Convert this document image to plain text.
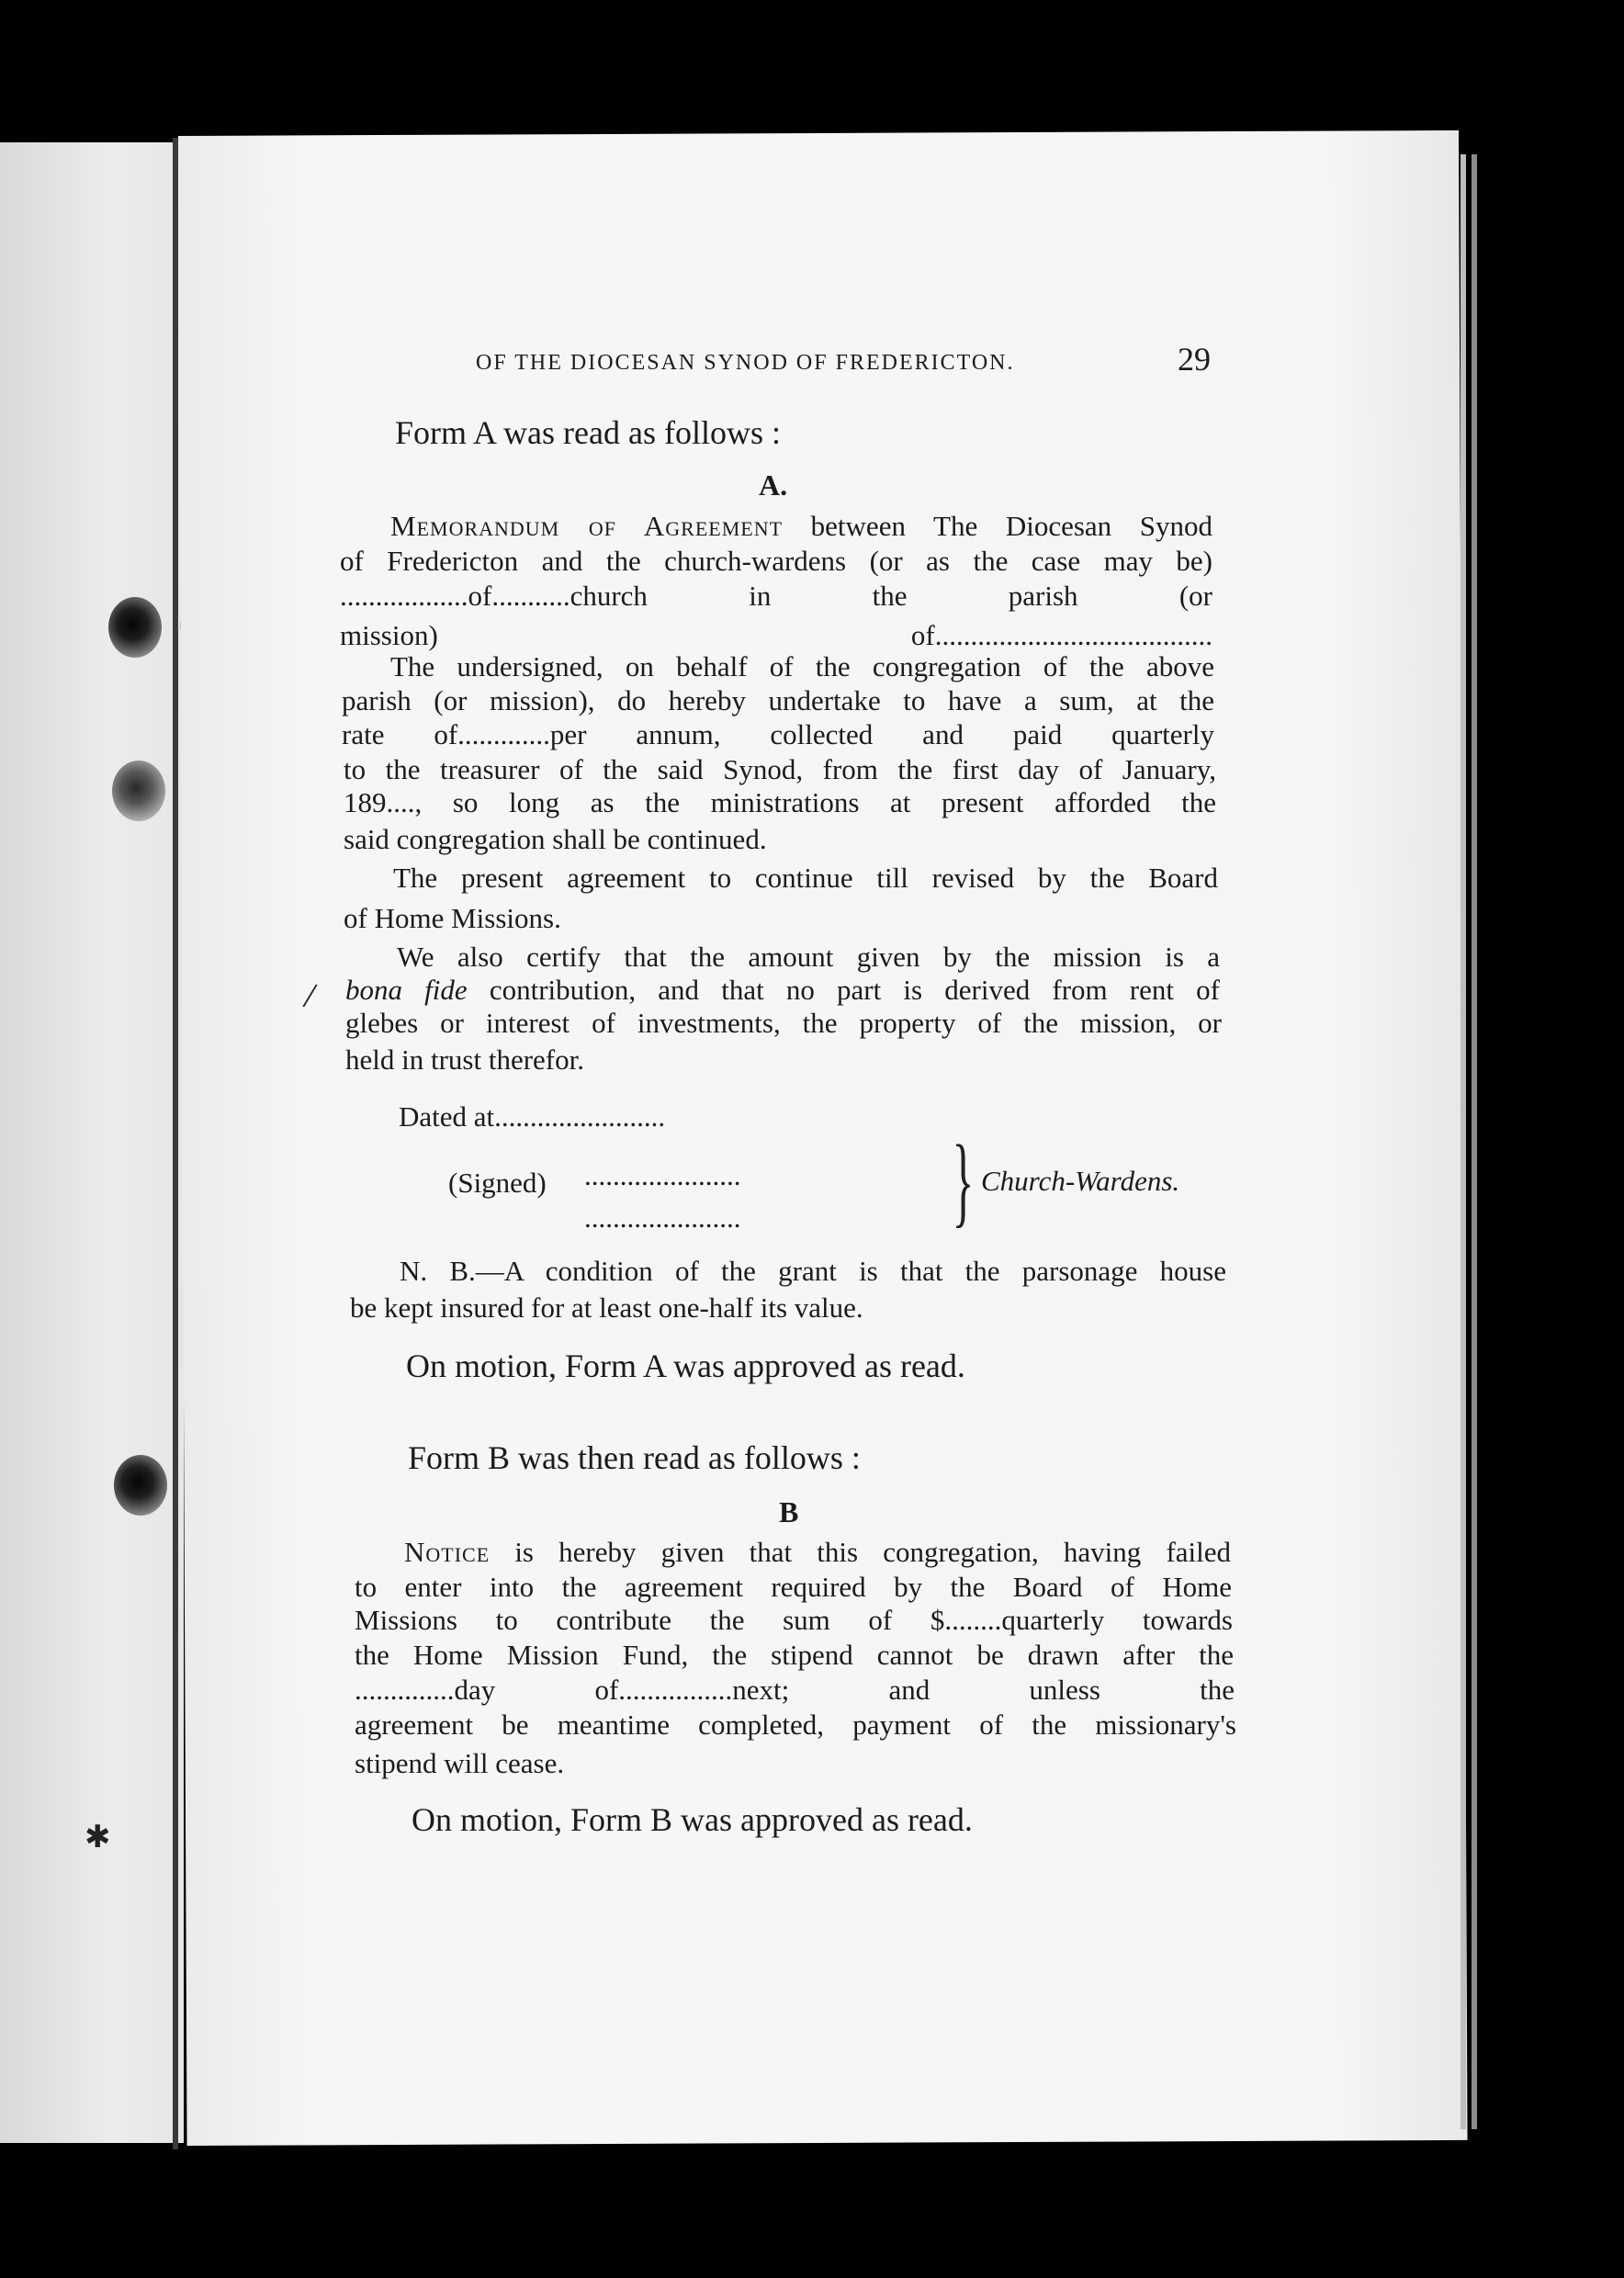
OF THE DIOCESAN SYNOD OF FREDERICTON.	29
Form A was read as follows :
A.
Memorandum of Agreement between The Diocesan Synod
of Fredericton and the church-wardens (or as the case may be)
..................of...........church in the parish (or
mission) of.......................................
The undersigned, on behalf of the congregation of the above
parish (or mission), do hereby undertake to have a sum, at the
rate of.............per annum, collected and paid quarterly
to the treasurer of the said Synod, from the first day of January,
189...., so long as the ministrations at present afforded the
said congregation shall be continued.
The present agreement to continue till revised by the Board
of Home Missions.
We also certify that the amount given by the mission is a
bona fide contribution, and that no part is derived from rent of
glebes or interest of investments, the property of the mission, or
held in trust therefor.
Dated at........................
(Signed) ......................
...................... } Church-Wardens.
N. B.—A condition of the grant is that the parsonage house
be kept insured for at least one-half its value.
On motion, Form A was approved as read.
Form B was then read as follows :
B
Notice is hereby given that this congregation, having failed
to enter into the agreement required by the Board of Home
Missions to contribute the sum of $........quarterly towards
the Home Mission Fund, the stipend cannot be drawn after the
..............day of................next; and unless the
agreement be meantime completed, payment of the missionary's
stipend will cease.
On motion, Form B was approved as read.
/
✱
